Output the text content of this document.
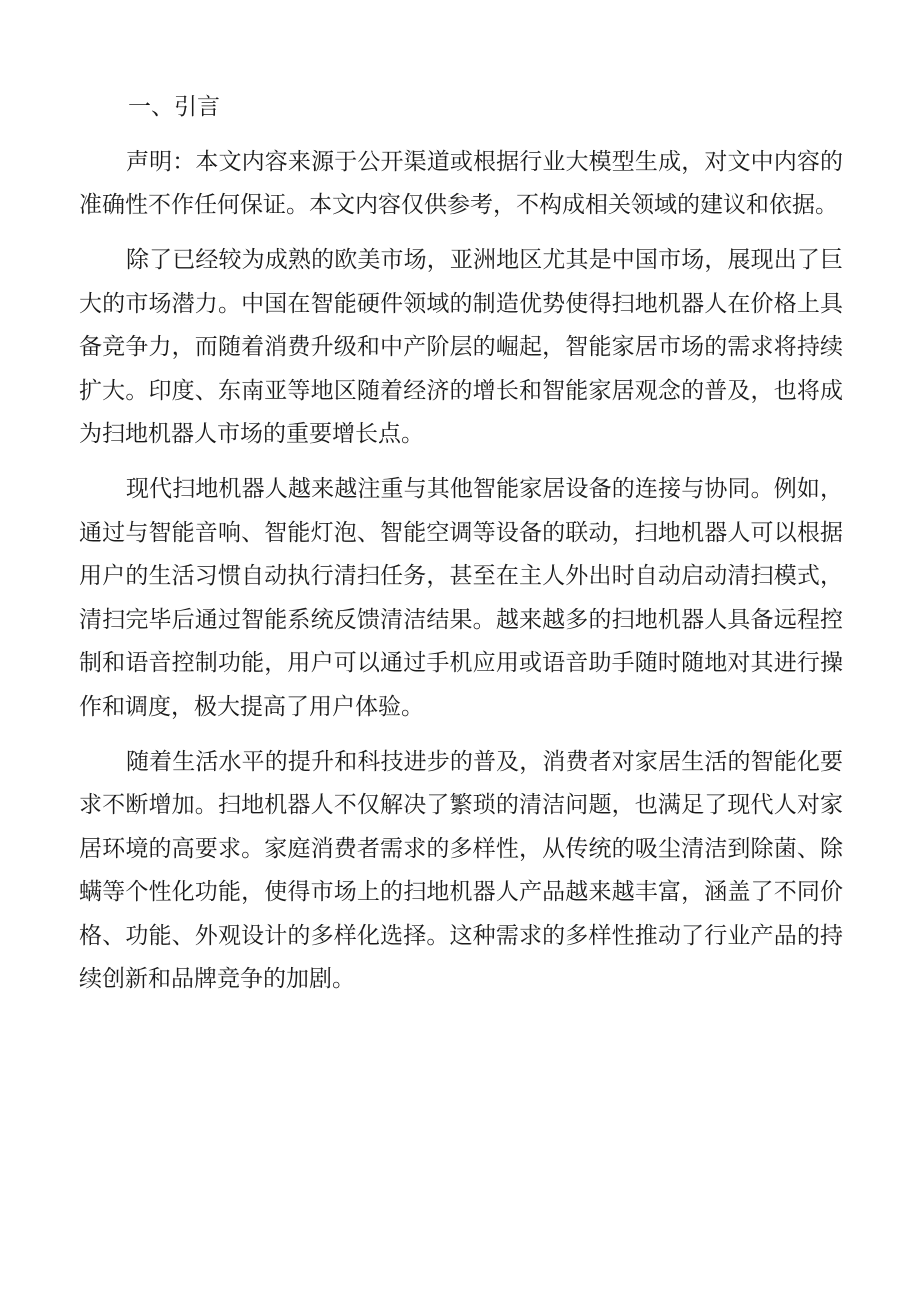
一、引言

声明：本文内容来源于公开渠道或根据行业大模型生成，对文中内容的准确性不作任何保证。本文内容仅供参考，不构成相关领域的建议和依据。

除了已经较为成熟的欧美市场，亚洲地区尤其是中国市场，展现出了巨大的市场潜力。中国在智能硬件领域的制造优势使得扫地机器人在价格上具备竞争力，而随着消费升级和中产阶层的崛起，智能家居市场的需求将持续扩大。印度、东南亚等地区随着经济的增长和智能家居观念的普及，也将成为扫地机器人市场的重要增长点。

现代扫地机器人越来越注重与其他智能家居设备的连接与协同。例如，通过与智能音响、智能灯泡、智能空调等设备的联动，扫地机器人可以根据用户的生活习惯自动执行清扫任务，甚至在主人外出时自动启动清扫模式，清扫完毕后通过智能系统反馈清洁结果。越来越多的扫地机器人具备远程控制和语音控制功能，用户可以通过手机应用或语音助手随时随地对其进行操作和调度，极大提高了用户体验。

随着生活水平的提升和科技进步的普及，消费者对家居生活的智能化要求不断增加。扫地机器人不仅解决了繁琐的清洁问题，也满足了现代人对家居环境的高要求。家庭消费者需求的多样性，从传统的吸尘清洁到除菌、除螨等个性化功能，使得市场上的扫地机器人产品越来越丰富，涵盖了不同价格、功能、外观设计的多样化选择。这种需求的多样性推动了行业产品的持续创新和品牌竞争的加剧。
